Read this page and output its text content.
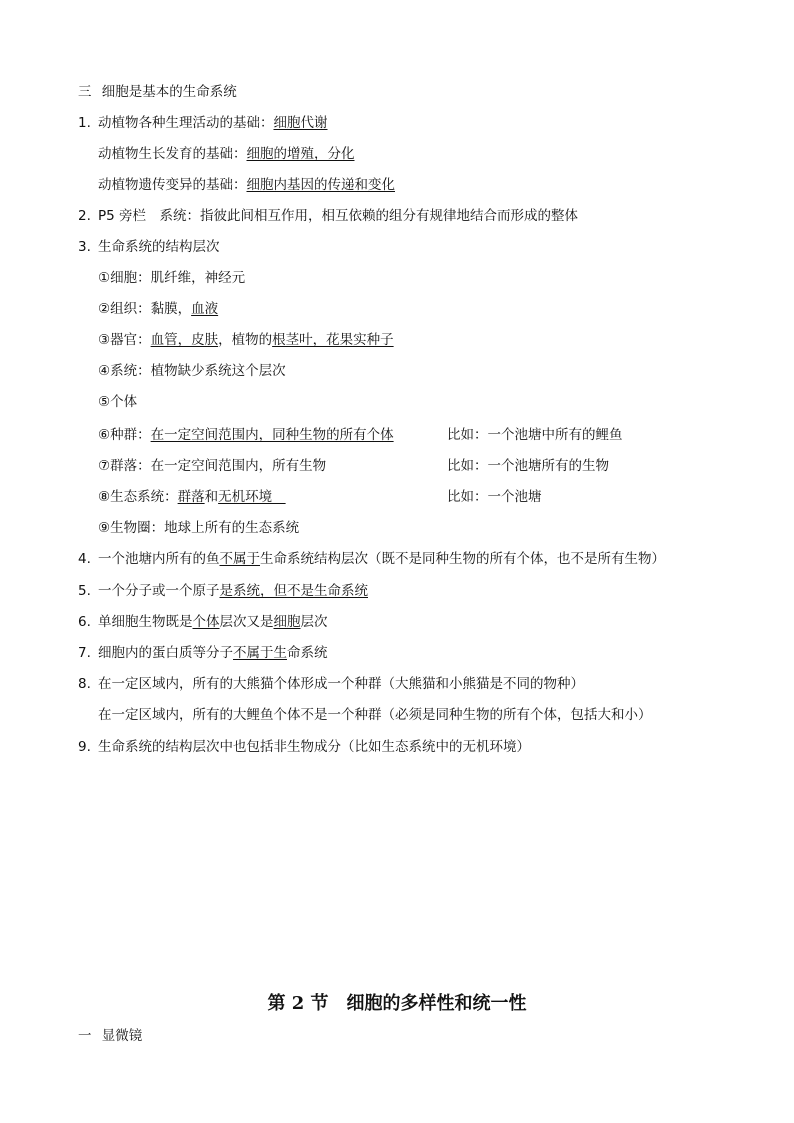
三 细胞是基本的生命系统
1. 动植物各种生理活动的基础：细胞代谢
动植物生长发育的基础：细胞的增殖，分化
动植物遗传变异的基础：细胞内基因的传递和变化
2. P5 旁栏　系统：指彼此间相互作用，相互依赖的组分有规律地结合而形成的整体
3. 生命系统的结构层次
①细胞：肌纤维，神经元
②组织：黏膜，血液
③器官：血管，皮肤，植物的根茎叶，花果实种子
④系统：植物缺少系统这个层次
⑤个体
⑥种群：在一定空间范围内，同种生物的所有个体	比如：一个池塘中所有的鲤鱼
⑦群落：在一定空间范围内，所有生物	比如：一个池塘所有的生物
⑧生态系统：群落和无机环境　	比如：一个池塘
⑨生物圈：地球上所有的生态系统
4. 一个池塘内所有的鱼不属于生命系统结构层次（既不是同种生物的所有个体，也不是所有生物）
5. 一个分子或一个原子是系统，但不是生命系统
6. 单细胞生物既是个体层次又是细胞层次
7. 细胞内的蛋白质等分子不属于生命系统
8. 在一定区域内，所有的大熊猫个体形成一个种群（大熊猫和小熊猫是不同的物种）
在一定区域内，所有的大鲤鱼个体不是一个种群（必须是同种生物的所有个体，包括大和小）
9. 生命系统的结构层次中也包括非生物成分（比如生态系统中的无机环境）
第 2 节　细胞的多样性和统一性
一 显微镜
